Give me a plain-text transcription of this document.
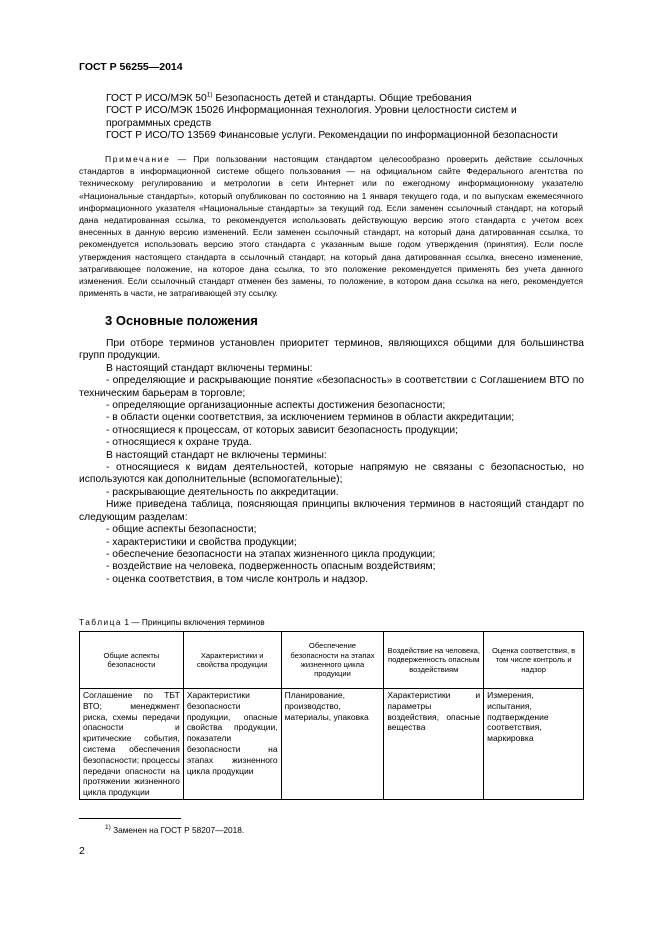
ГОСТ Р 56255—2014
ГОСТ Р ИСО/МЭК 50$^{1)}$ Безопасность детей и стандарты. Общие требования
ГОСТ Р ИСО/МЭК 15026 Информационная технология. Уровни целостности систем и программных средств
ГОСТ Р ИСО/ТО 13569 Финансовые услуги. Рекомендации по информационной безопасности

Примечание — При пользовании настоящим стандартом целесообразно проверить действие ссылочных стандартов в информационной системе общего пользования — на официальном сайте Федерального агентства по техническому регулированию и метрологии в сети Интернет или по ежегодному информационному указателю «Национальные стандарты», который опубликован по состоянию на 1 января текущего года, и по выпускам ежемесячного информационного указателя «Национальные стандарты» за текущий год. Если заменен ссылочный стандарт, на который дана недатированная ссылка, то рекомендуется использовать действующую версию этого стандарта с учетом всех внесенных в данную версию изменений. Если заменен ссылочный стандарт, на который дана датированная ссылка, то рекомендуется использовать версию этого стандарта с указанным выше годом утверждения (принятия). Если после утверждения настоящего стандарта в ссылочный стандарт, на который дана датированная ссылка, внесено изменение, затрагивающее положение, на которое дана ссылка, то это положение рекомендуется применять без учета данного изменения. Если ссылочный стандарт отменен без замены, то положение, в котором дана ссылка на него, рекомендуется применять в части, не затрагивающей эту ссылку.

3 Основные положения

При отборе терминов установлен приоритет терминов, являющихся общими для большинства групп продукции.

В настоящий стандарт включены термины:

- определяющие и раскрывающие понятие «безопасность» в соответствии с Соглашением ВТО по техническим барьерам в торговле;

- определяющие организационные аспекты достижения безопасности;

- в области оценки соответствия, за исключением терминов в области аккредитации;

- относящиеся к процессам, от которых зависит безопасность продукции;

- относящиеся к охране труда.

В настоящий стандарт не включены термины:

- относящиеся к видам деятельностей, которые напрямую не связаны с безопасностью, но используются как дополнительные (вспомогательные);

- раскрывающие деятельность по аккредитации.

Ниже приведена таблица, поясняющая принципы включения терминов в настоящий стандарт по следующим разделам:

- общие аспекты безопасности;

- характеристики и свойства продукции;

- обеспечение безопасности на этапах жизненного цикла продукции;

- воздействие на человека, подверженность опасным воздействиям;

- оценка соответствия, в том числе контроль и надзор.

Таблица 1 — Принципы включения терминов
Общие аспекты безопасности	Характеристики и свойства продукции	Обеспечение безопасности на этапах жизненного цикла продукции	Воздействие на человека, подверженность опасным воздействиям	Оценка соответствия, в том числе контроль и надзор
Соглашение по ТБТ ВТО; менеджмент риска, схемы передачи опасности и критические события, система обеспечения безопасности; процессы передачи опасности на протяжении жизненного цикла продукции	Характеристики безопасности продукции, опасные свойства продукции, показатели безопасности на этапах жизненного цикла продукции	Планирование, производство, материалы, упаковка	Характеристики и параметры воздействия, опасные вещества	Измерения, испытания, подтверждение соответствия, маркировка
$^{1)}$ Заменен на ГОСТ Р 58207—2018.
2
